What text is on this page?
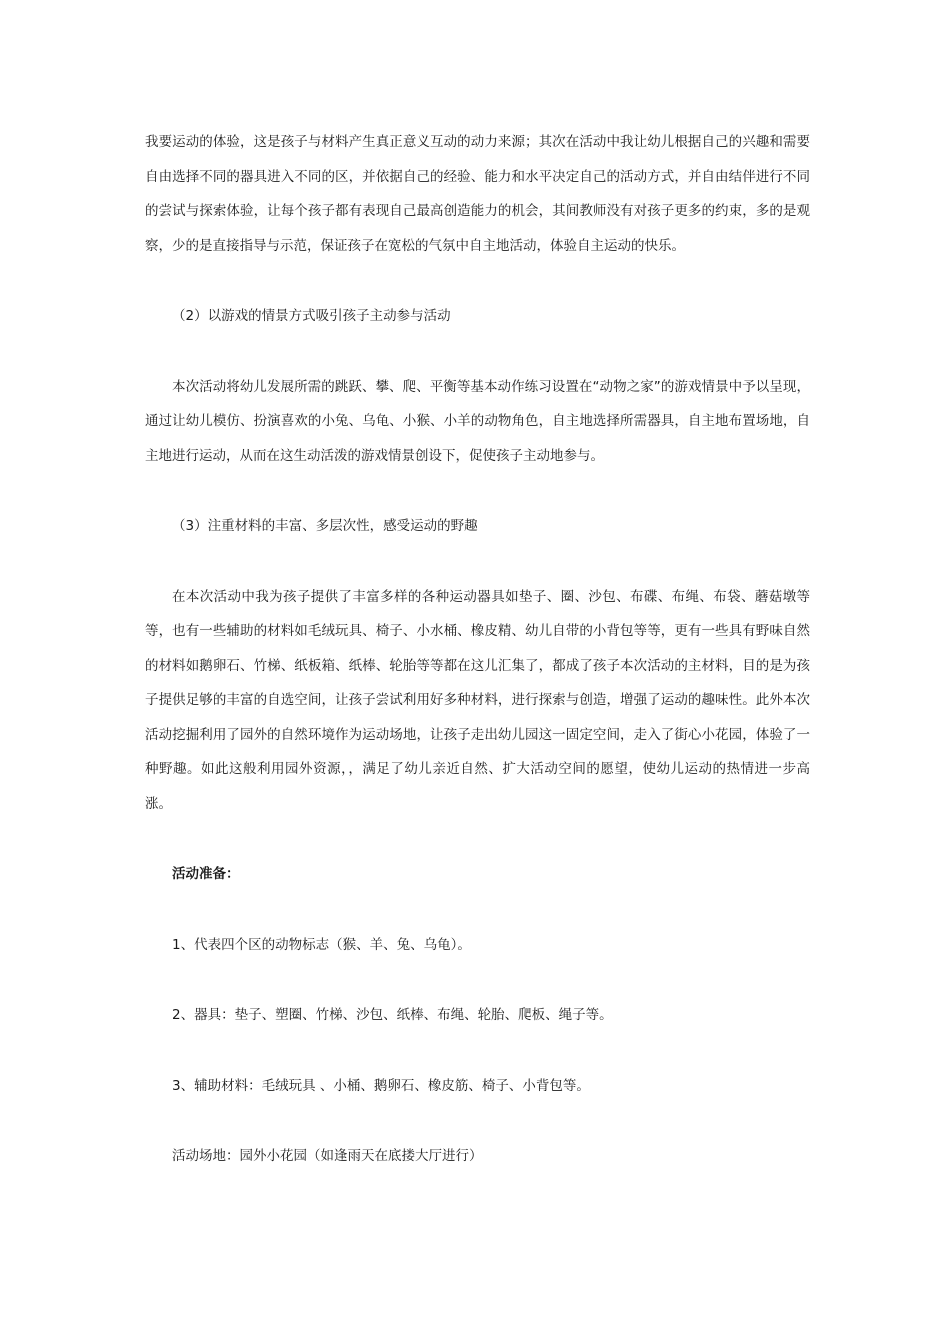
我要运动的体验，这是孩子与材料产生真正意义互动的动力来源；其次在活动中我让幼儿根据自己的兴趣和需要自由选择不同的器具进入不同的区，并依据自己的经验、能力和水平决定自己的活动方式，并自由结伴进行不同的尝试与探索体验，让每个孩子都有表现自己最高创造能力的机会，其间教师没有对孩子更多的约束，多的是观察，少的是直接指导与示范，保证孩子在宽松的气氛中自主地活动，体验自主运动的快乐。

（2）以游戏的情景方式吸引孩子主动参与活动

本次活动将幼儿发展所需的跳跃、攀、爬、平衡等基本动作练习设置在“动物之家”的游戏情景中予以呈现，通过让幼儿模仿、扮演喜欢的小兔、乌龟、小猴、小羊的动物角色，自主地选择所需器具，自主地布置场地，自主地进行运动，从而在这生动活泼的游戏情景创设下，促使孩子主动地参与。

（3）注重材料的丰富、多层次性，感受运动的野趣

在本次活动中我为孩子提供了丰富多样的各种运动器具如垫子、圈、沙包、布碟、布绳、布袋、蘑菇墩等等，也有一些辅助的材料如毛绒玩具、椅子、小水桶、橡皮精、幼儿自带的小背包等等，更有一些具有野味自然的材料如鹅卵石、竹梯、纸板箱、纸棒、轮胎等等都在这儿汇集了，都成了孩子本次活动的主材料，目的是为孩子提供足够的丰富的自选空间，让孩子尝试利用好多种材料，进行探索与创造，增强了运动的趣味性。此外本次活动挖掘利用了园外的自然环境作为运动场地，让孩子走出幼儿园这一固定空间，走入了街心小花园，体验了一种野趣。如此这般利用园外资源，，满足了幼儿亲近自然、扩大活动空间的愿望，使幼儿运动的热情进一步高涨。

活动准备：

1、代表四个区的动物标志（猴、羊、兔、乌龟）。

2、器具：垫子、塑圈、竹梯、沙包、纸棒、布绳、轮胎、爬板、绳子等。

3、辅助材料：毛绒玩具 、小桶、鹅卵石、橡皮筋、椅子、小背包等。

活动场地：园外小花园（如逢雨天在底搂大厅进行）
